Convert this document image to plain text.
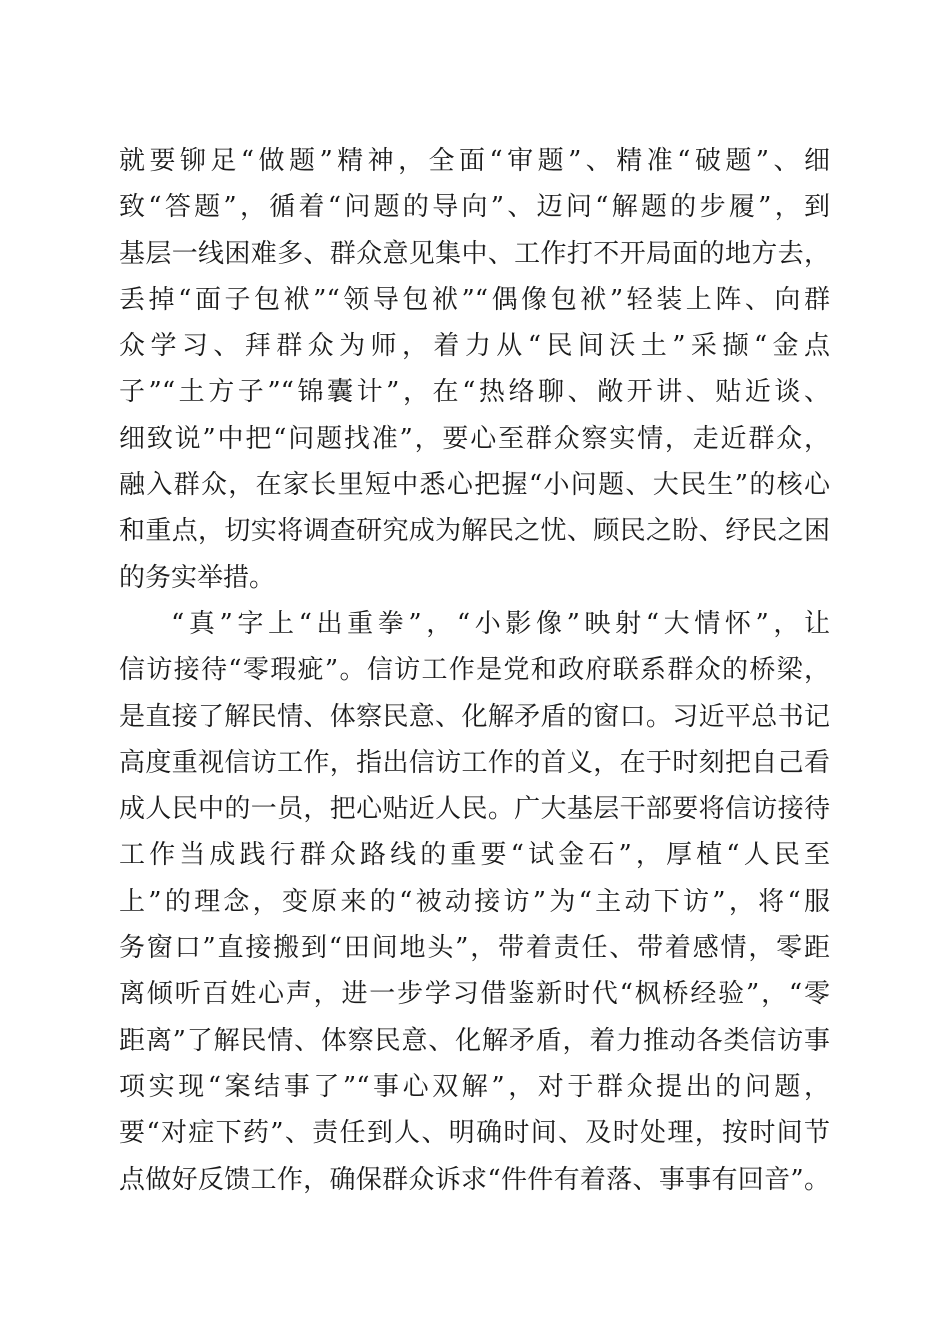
就要铆足“做题”精神，全面“审题”、精准“破题”、细
致“答题”，循着“问题的导向”、迈问“解题的步履”，到
基层一线困难多、群众意见集中、工作打不开局面的地方去，
丢掉“面子包袱”“领导包袱”“偶像包袱”轻装上阵、向群
众学习、拜群众为师，着力从“民间沃土”采撷“金点
子”“土方子”“锦囊计”，在“热络聊、敞开讲、贴近谈、
细致说”中把“问题找准”，要心至群众察实情，走近群众，
融入群众，在家长里短中悉心把握“小问题、大民生”的核心
和重点，切实将调查研究成为解民之忧、顾民之盼、纾民之困
的务实举措。
“真”字上“出重拳”，“小影像”映射“大情怀”，让
信访接待“零瑕疵”。信访工作是党和政府联系群众的桥梁，
是直接了解民情、体察民意、化解矛盾的窗口。习近平总书记
高度重视信访工作，指出信访工作的首义，在于时刻把自己看
成人民中的一员，把心贴近人民。广大基层干部要将信访接待
工作当成践行群众路线的重要“试金石”，厚植“人民至
上”的理念，变原来的“被动接访”为“主动下访”，将“服
务窗口”直接搬到“田间地头”，带着责任、带着感情，零距
离倾听百姓心声，进一步学习借鉴新时代“枫桥经验”，“零
距离”了解民情、体察民意、化解矛盾，着力推动各类信访事
项实现“案结事了”“事心双解”，对于群众提出的问题，
要“对症下药”、责任到人、明确时间、及时处理，按时间节
点做好反馈工作，确保群众诉求“件件有着落、事事有回音”。
